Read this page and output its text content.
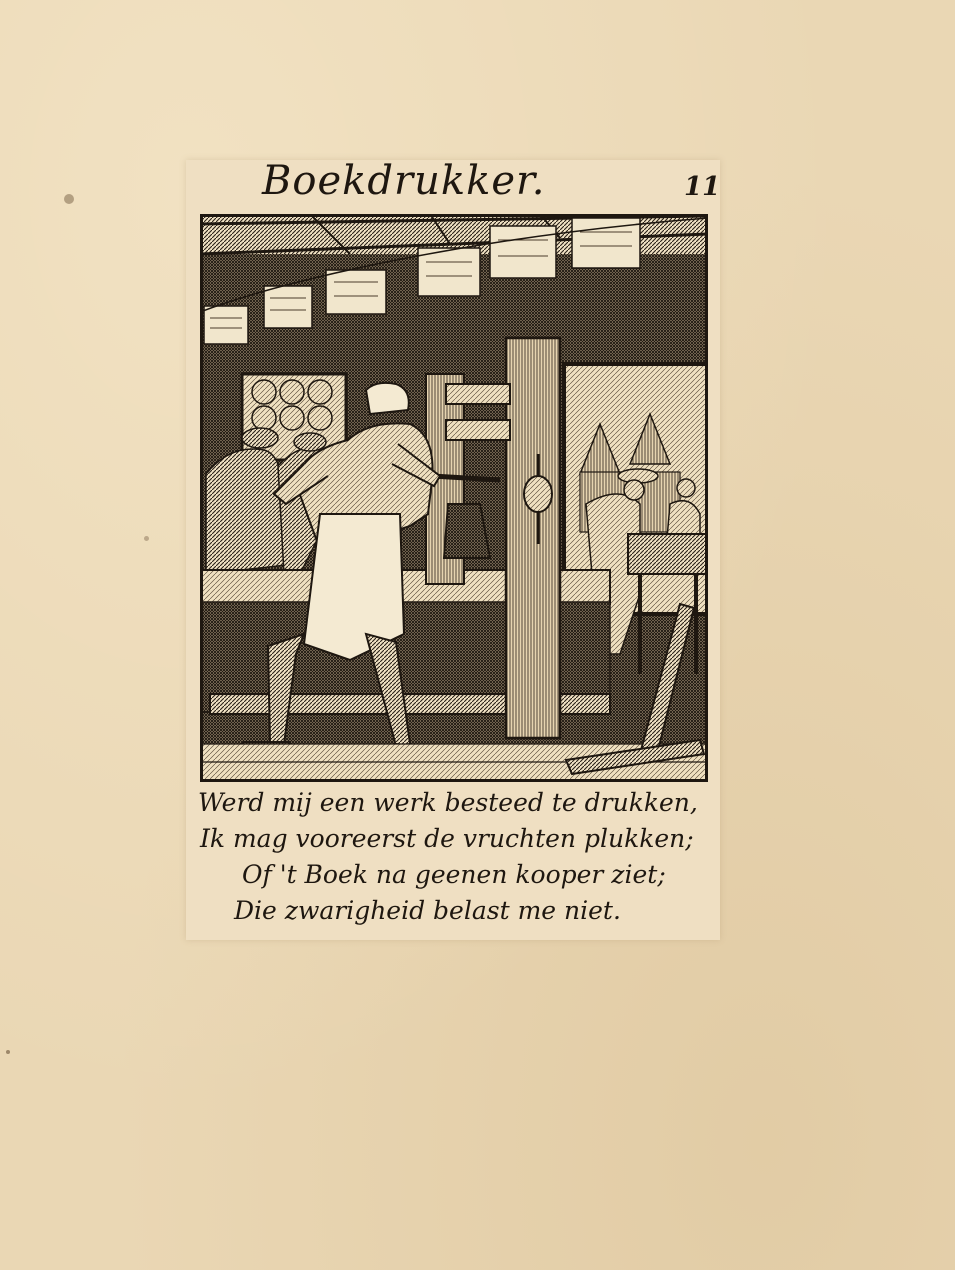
Boekdrukker.	11
Werd mij een werk besteed te drukken,
Ik mag vooreerst de vruchten plukken;
Of 't Boek na geenen kooper ziet;
Die zwarigheid belast me niet.
